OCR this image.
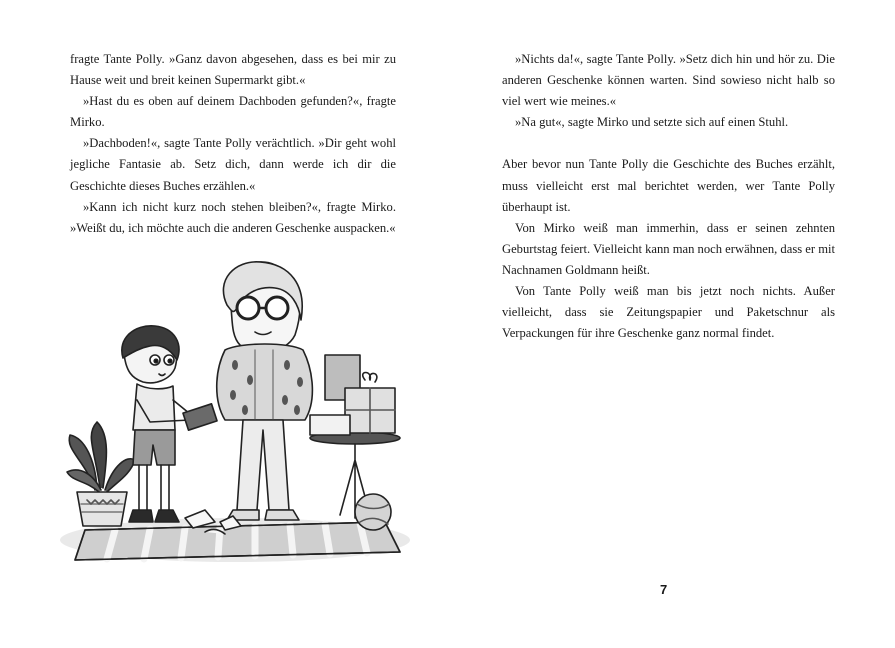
fragte Tante Polly. »Ganz davon abgesehen, dass es bei mir zu Hause weit und breit keinen Supermarkt gibt.«

»Hast du es oben auf deinem Dachboden gefunden?«, fragte Mirko.

»Dachboden!«, sagte Tante Polly verächtlich. »Dir geht wohl jegliche Fantasie ab. Setz dich, dann werde ich dir die Geschichte dieses Buches erzählen.«

»Kann ich nicht kurz noch stehen bleiben?«, fragte Mirko. »Weißt du, ich möchte auch die anderen Geschenke auspacken.«

»Nichts da!«, sagte Tante Polly. »Setz dich hin und hör zu. Die anderen Geschenke können warten. Sind sowieso nicht halb so viel wert wie meines.«

»Na gut«, sagte Mirko und setzte sich auf einen Stuhl.

Aber bevor nun Tante Polly die Geschichte des Buches erzählt, muss vielleicht erst mal berichtet werden, wer Tante Polly überhaupt ist.

Von Mirko weiß man immerhin, dass er seinen zehnten Geburtstag feiert. Vielleicht kann man noch erwähnen, dass er mit Nachnamen Goldmann heißt.

Von Tante Polly weiß man bis jetzt noch nichts. Außer vielleicht, dass sie Zeitungspapier und Paketschnur als Verpackungen für ihre Geschenke ganz normal findet.

7
